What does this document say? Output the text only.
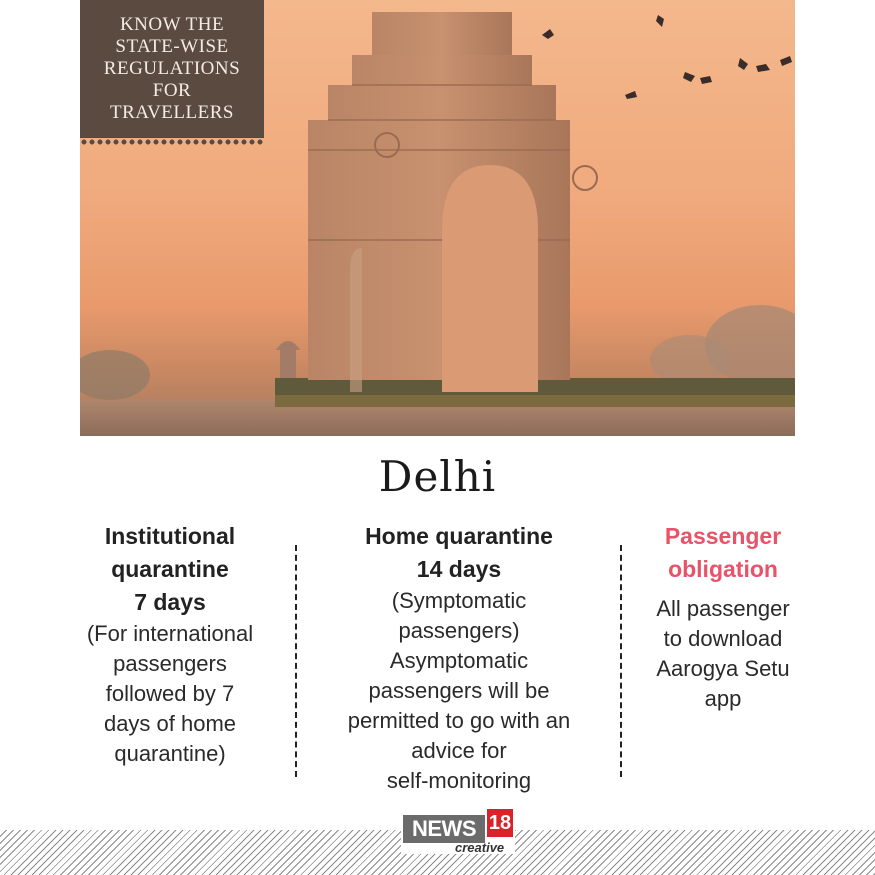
KNOW THE
STATE-WISE
REGULATIONS
FOR
TRAVELLERS
Delhi
Institutional
quarantine
7 days

(For international
passengers
followed by 7
days of home
quarantine)

Home quarantine
14 days

(Symptomatic
passengers)
Asymptomatic
passengers will be
permitted to go with an
advice for
self-monitoring

Passenger
obligation

All passenger
to download
Aarogya Setu
app

NEWS 18
creative
